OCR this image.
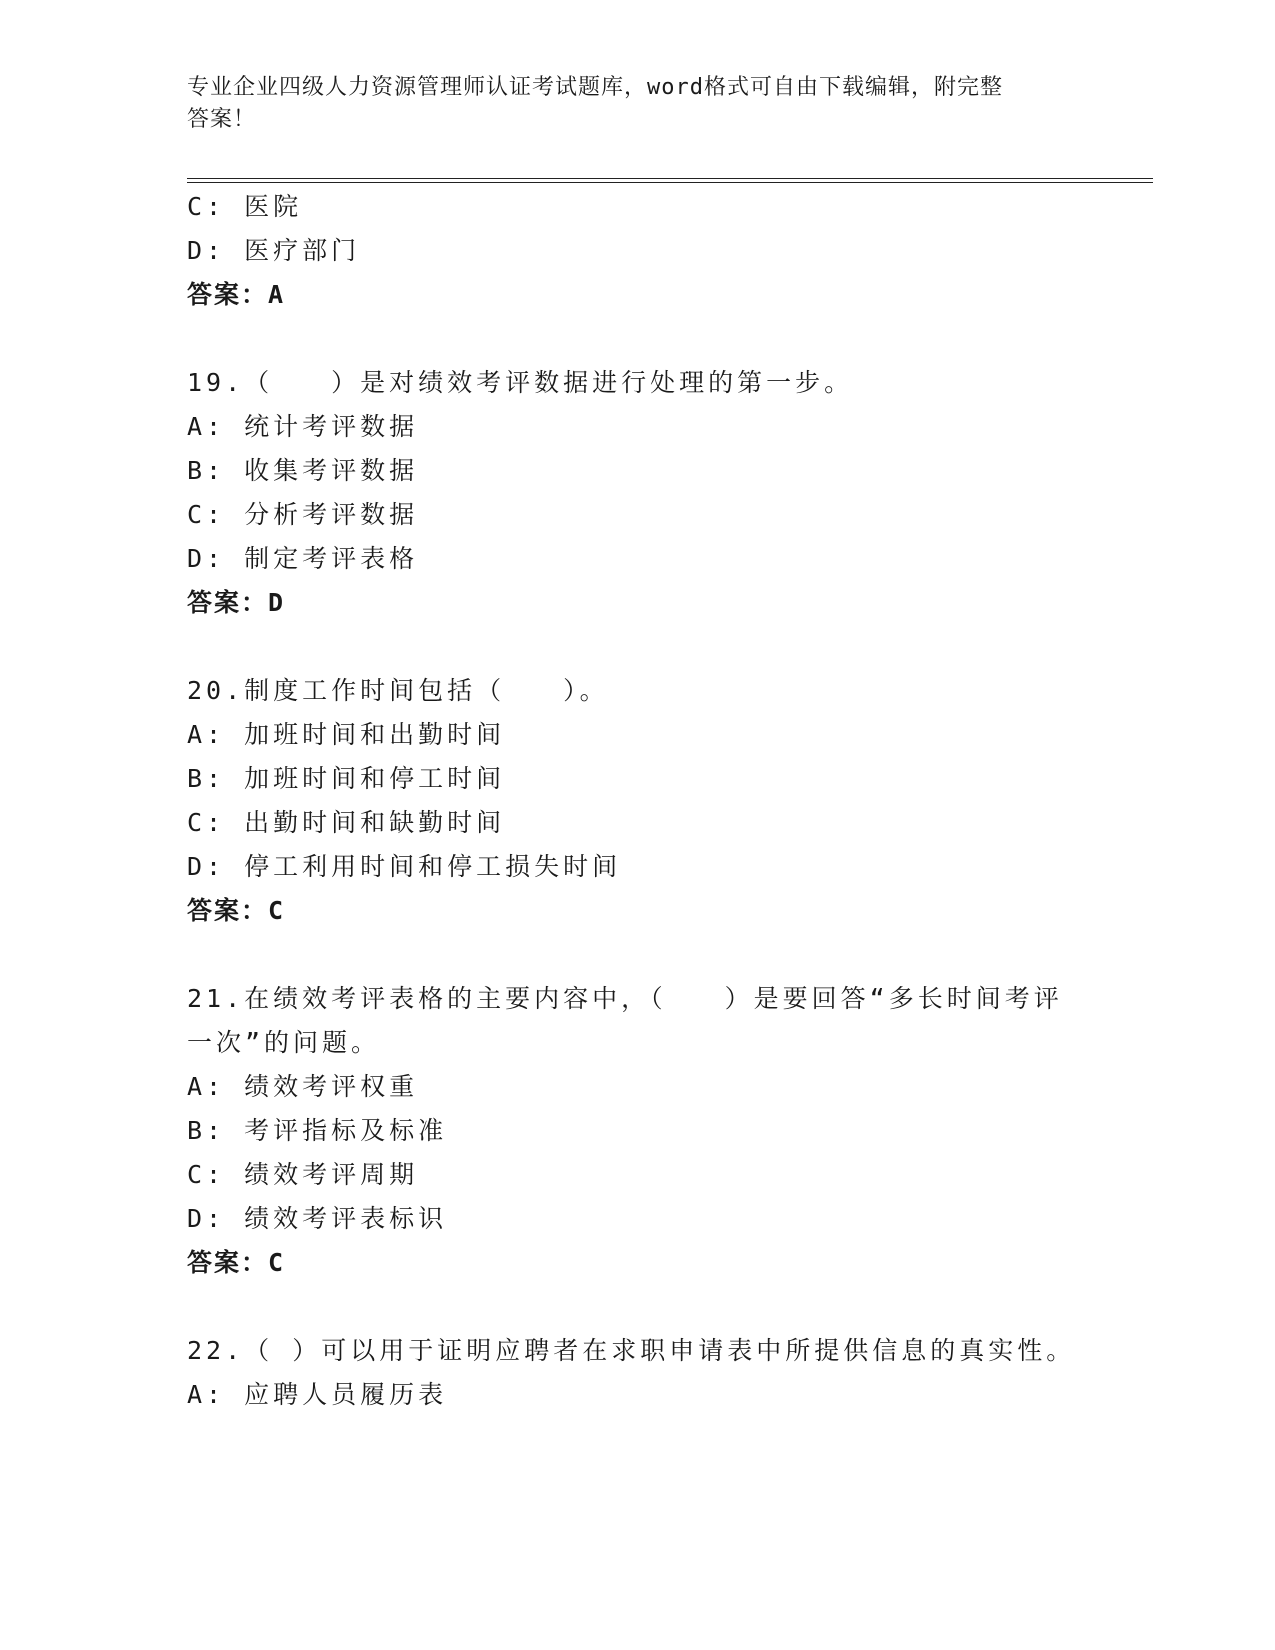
专业企业四级人力资源管理师认证考试题库，word格式可自由下载编辑，附完整
答案！
C: 医院
D: 医疗部门
答案：A
19.（　　）是对绩效考评数据进行处理的第一步。
A: 统计考评数据
B: 收集考评数据
C: 分析考评数据
D: 制定考评表格
答案：D
20.制度工作时间包括（　　）。
A: 加班时间和出勤时间
B: 加班时间和停工时间
C: 出勤时间和缺勤时间
D: 停工利用时间和停工损失时间
答案：C
21.在绩效考评表格的主要内容中，（　　）是要回答“多长时间考评
一次”的问题。
A: 绩效考评权重
B: 考评指标及标准
C: 绩效考评周期
D: 绩效考评表标识
答案：C
22.（ ）可以用于证明应聘者在求职申请表中所提供信息的真实性。
A: 应聘人员履历表
